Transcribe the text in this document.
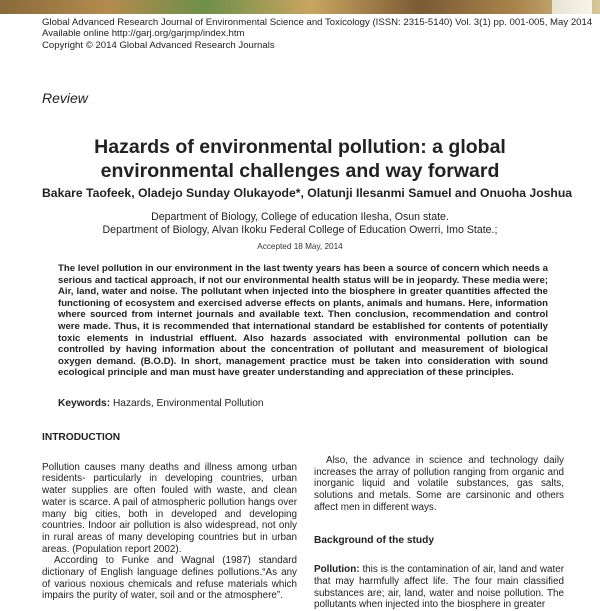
Global Advanced Research Journal of Environmental Science and Toxicology (ISSN: 2315-5140) Vol. 3(1) pp. 001-005, May 2014
Available online http://garj.org/garjmp/index.htm
Copyright © 2014 Global Advanced Research Journals
Review
Hazards of environmental pollution: a global environmental challenges and way forward
Bakare Taofeek, Oladejo Sunday Olukayode*, Olatunji Ilesanmi Samuel and Onuoha Joshua
Department of Biology, College of education Ilesha, Osun state.
Department of Biology, Alvan Ikoku Federal College of Education Owerri, Imo State.;
Accepted 18 May, 2014
The level pollution in our environment in the last twenty years has been a source of concern which needs a serious and tactical approach, if not our environmental health status will be in jeopardy. These media were; Air, land, water and noise. The pollutant when injected into the biosphere in greater quantities affected the functioning of ecosystem and exercised adverse effects on plants, animals and humans. Here, information where sourced from internet journals and available text. Then conclusion, recommendation and control were made. Thus, it is recommended that international standard be established for contents of potentially toxic elements in industrial effluent. Also hazards associated with environmental pollution can be controlled by having information about the concentration of pollutant and measurement of biological oxygen demand. (B.O.D). In short, management practice must be taken into consideration with sound ecological principle and man must have greater understanding and appreciation of these principles.
Keywords: Hazards, Environmental Pollution
INTRODUCTION

Pollution causes many deaths and illness among urban residents- particularly in developing countries, urban water supplies are often fouled with waste, and clean water is scarce. A pail of atmospheric pollution hangs over many big cities, both in developed and developing countries. Indoor air pollution is also widespread, not only in rural areas of many developing countries but in urban areas. (Population report 2002).

According to Funke and Wagnal (1987) standard dictionary of English language defines pollutions.“As any of various noxious chemicals and refuse materials which impairs the purity of water, soil and or the atmosphere”.

Also, the advance in science and technology daily increases the array of pollution ranging from organic and inorganic liquid and volatile substances, gas salts, solutions and metals. Some are carsinonic and others affect men in different ways.

Background of the study

Pollution: this is the contamination of air, land and water that may harmfully affect life. The four main classified substances are; air, land, water and noise pollution. The pollutants when injected into the biosphere in greater
